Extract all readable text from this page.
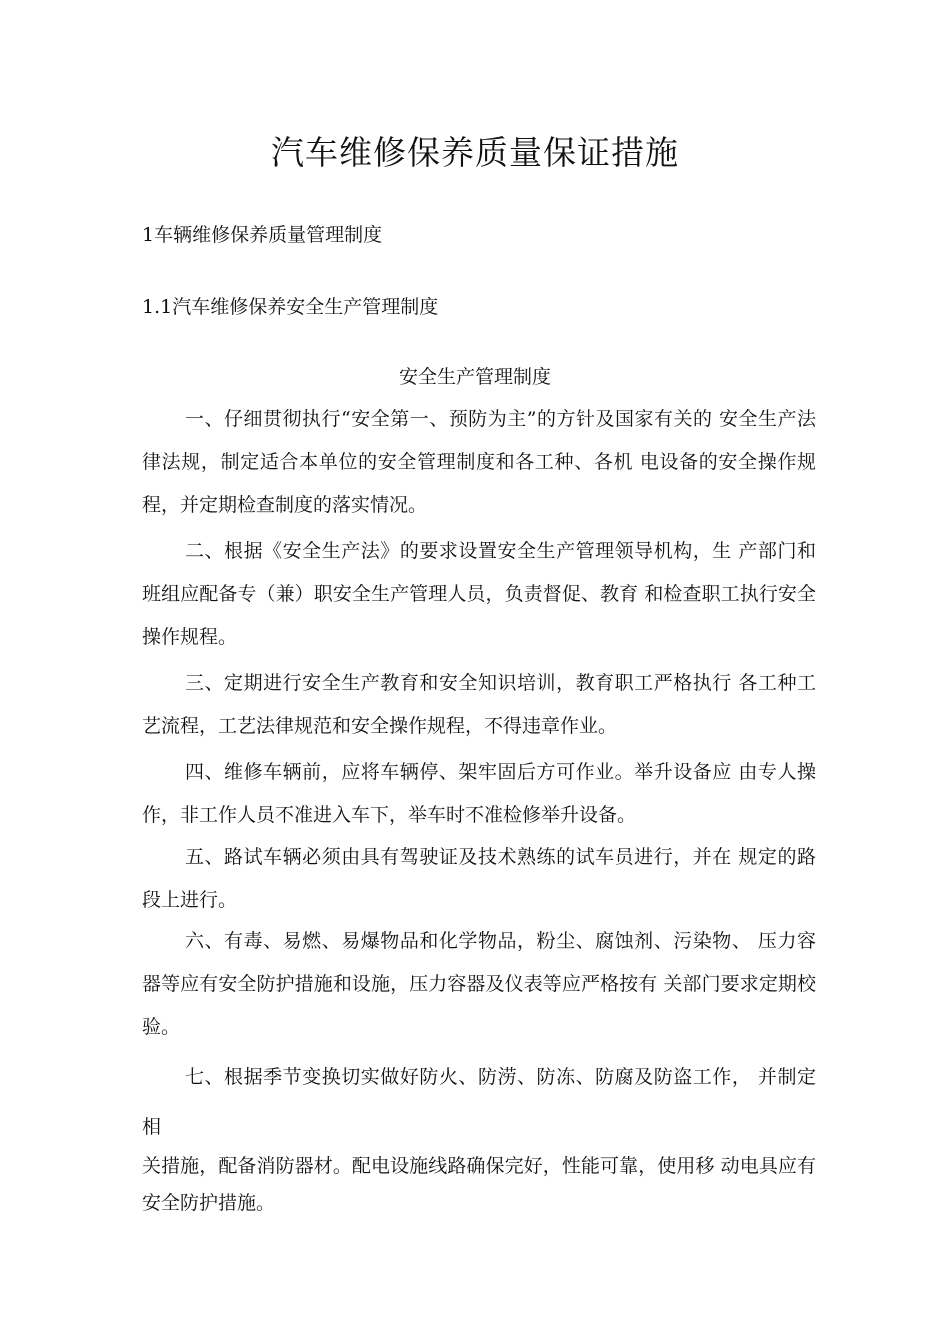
汽车维修保养质量保证措施
1车辆维修保养质量管理制度
1.1汽车维修保养安全生产管理制度
安全生产管理制度
一、仔细贯彻执行“安全第一、预防为主”的方针及国家有关的 安全生产法律法规，制定适合本单位的安全管理制度和各工种、各机 电设备的安全操作规程，并定期检查制度的落实情况。
二、根据《安全生产法》的要求设置安全生产管理领导机构，生 产部门和班组应配备专（兼）职安全生产管理人员，负责督促、教育 和检查职工执行安全操作规程。
三、定期进行安全生产教育和安全知识培训，教育职工严格执行 各工种工艺流程，工艺法律规范和安全操作规程，不得违章作业。
四、维修车辆前，应将车辆停、架牢固后方可作业。举升设备应 由专人操作，非工作人员不准进入车下，举车时不准检修举升设备。
五、路试车辆必须由具有驾驶证及技术熟练的试车员进行，并在 规定的路段上进行。
六、有毒、易燃、易爆物品和化学物品，粉尘、腐蚀剂、污染物、 压力容器等应有安全防护措施和设施，压力容器及仪表等应严格按有 关部门要求定期校验。
七、根据季节变换切实做好防火、防涝、防冻、防腐及防盗工作， 并制定相
关措施，配备消防器材。配电设施线路确保完好，性能可靠，使用移 动电具应有安全防护措施。
